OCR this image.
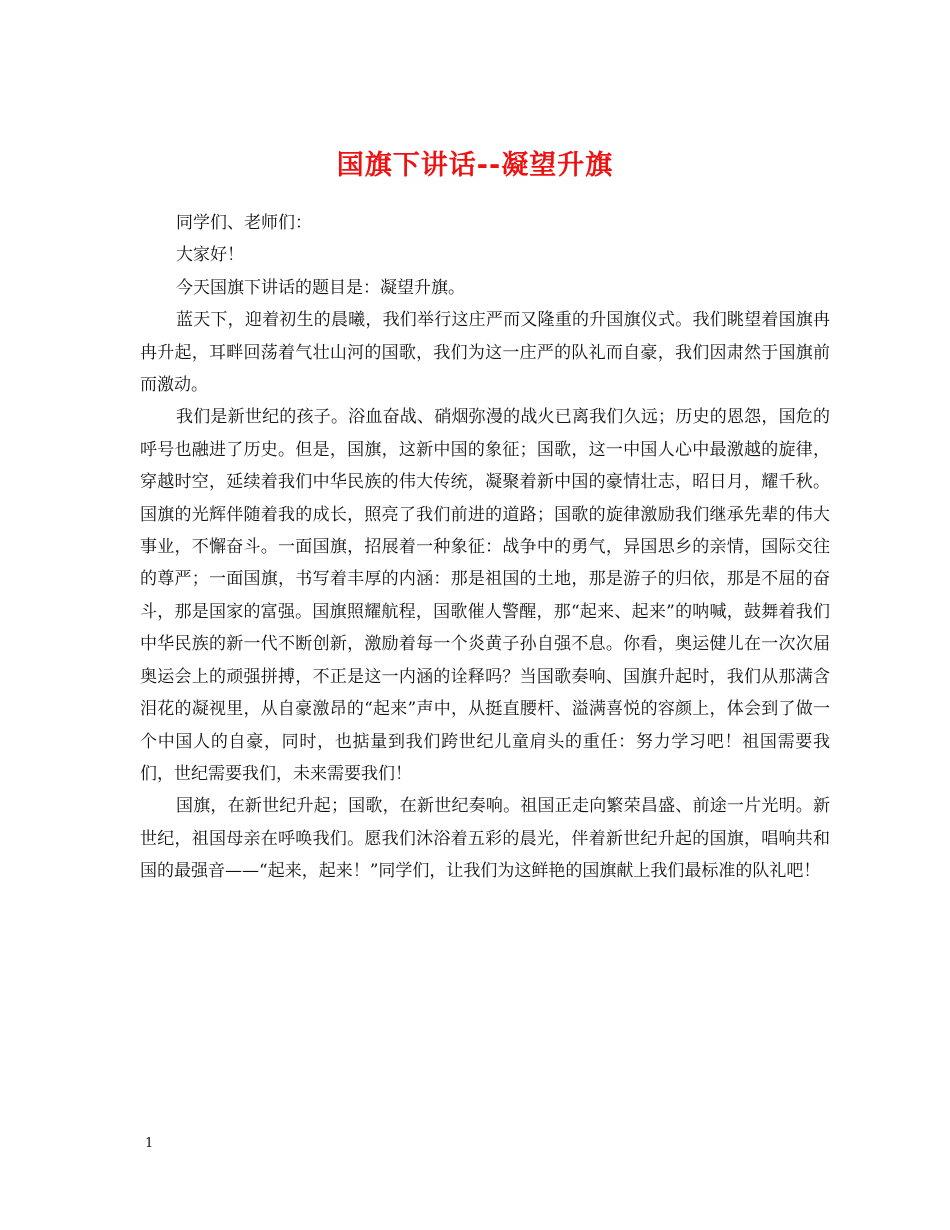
国旗下讲话--凝望升旗

同学们、老师们：

大家好！

今天国旗下讲话的题目是：凝望升旗。

蓝天下，迎着初生的晨曦，我们举行这庄严而又隆重的升国旗仪式。我们眺望着国旗冉冉升起，耳畔回荡着气壮山河的国歌，我们为这一庄严的队礼而自豪，我们因肃然于国旗前而激动。

我们是新世纪的孩子。浴血奋战、硝烟弥漫的战火已离我们久远；历史的恩怨，国危的呼号也融进了历史。但是，国旗，这新中国的象征；国歌，这一中国人心中最激越的旋律，穿越时空，延续着我们中华民族的伟大传统，凝聚着新中国的豪情壮志，昭日月，耀千秋。国旗的光辉伴随着我的成长，照亮了我们前进的道路；国歌的旋律激励我们继承先辈的伟大事业，不懈奋斗。一面国旗，招展着一种象征：战争中的勇气，异国思乡的亲情，国际交往的尊严；一面国旗，书写着丰厚的内涵：那是祖国的土地，那是游子的归依，那是不屈的奋斗，那是国家的富强。国旗照耀航程，国歌催人警醒，那“起来、起来”的呐喊，鼓舞着我们中华民族的新一代不断创新，激励着每一个炎黄子孙自强不息。你看，奥运健儿在一次次届奥运会上的顽强拼搏，不正是这一内涵的诠释吗？当国歌奏响、国旗升起时，我们从那满含泪花的凝视里，从自豪激昂的“起来”声中，从挺直腰杆、溢满喜悦的容颜上，体会到了做一个中国人的自豪，同时，也掂量到我们跨世纪儿童肩头的重任：努力学习吧！祖国需要我们，世纪需要我们，未来需要我们！

国旗，在新世纪升起；国歌，在新世纪奏响。祖国正走向繁荣昌盛、前途一片光明。新世纪，祖国母亲在呼唤我们。愿我们沐浴着五彩的晨光，伴着新世纪升起的国旗，唱响共和国的最强音——“起来，起来！”同学们，让我们为这鲜艳的国旗献上我们最标准的队礼吧！

1
